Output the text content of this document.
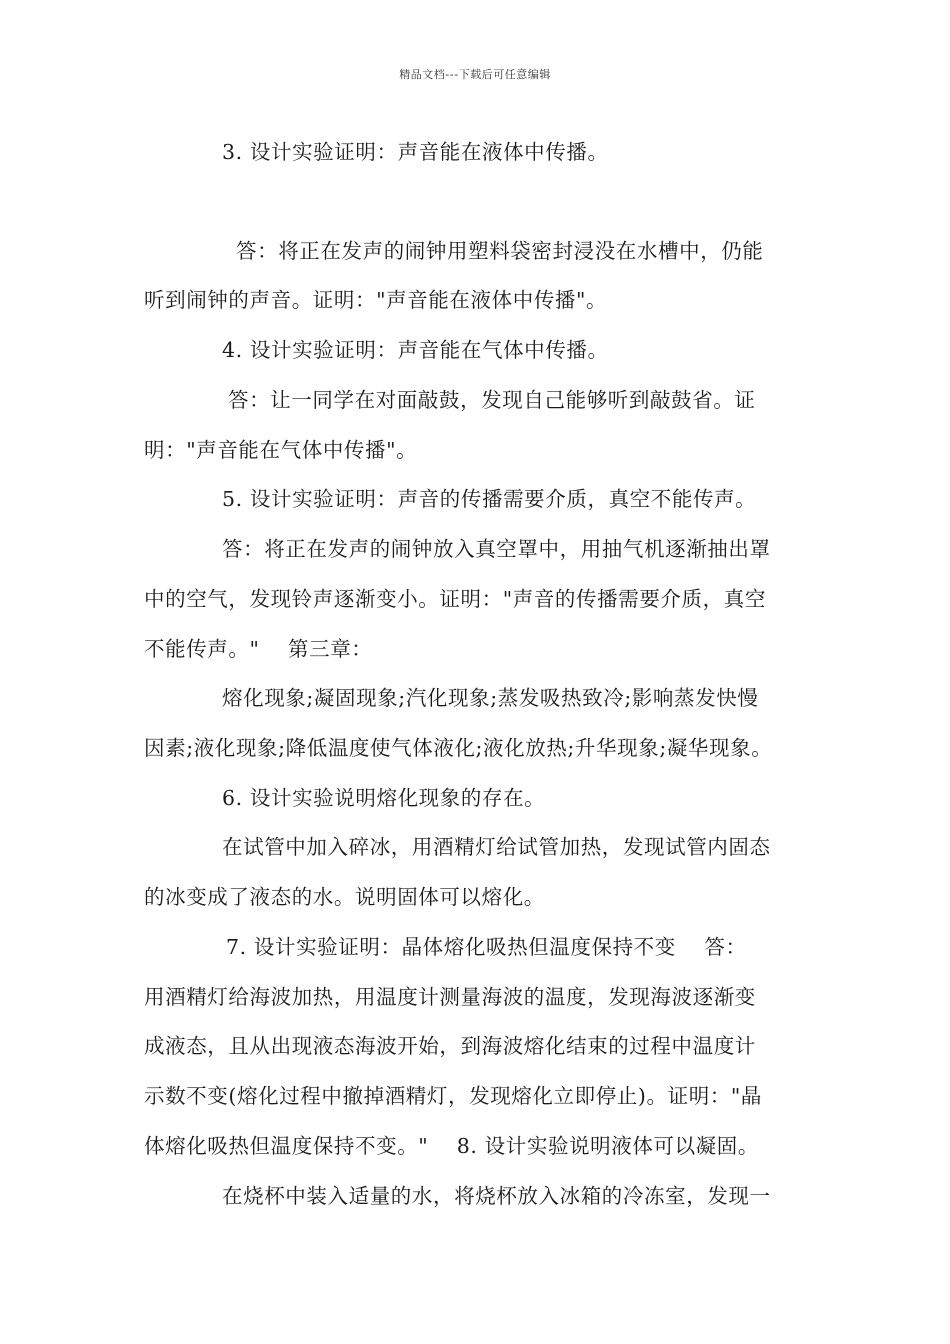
精品文档---下载后可任意编辑
3. 设计实验证明：声音能在液体中传播。
答：将正在发声的闹钟用塑料袋密封浸没在水槽中，仍能
听到闹钟的声音。证明："声音能在液体中传播"。
4. 设计实验证明：声音能在气体中传播。
答：让一同学在对面敲鼓，发现自己能够听到敲鼓省。证
明："声音能在气体中传播"。
5. 设计实验证明：声音的传播需要介质，真空不能传声。
答：将正在发声的闹钟放入真空罩中，用抽气机逐渐抽出罩
中的空气，发现铃声逐渐变小。证明："声音的传播需要介质，真空
不能传声。"    第三章：
熔化现象;凝固现象;汽化现象;蒸发吸热致冷;影响蒸发快慢
因素;液化现象;降低温度使气体液化;液化放热;升华现象;凝华现象。
6. 设计实验说明熔化现象的存在。
在试管中加入碎冰，用酒精灯给试管加热，发现试管内固态
的冰变成了液态的水。说明固体可以熔化。
7. 设计实验证明：晶体熔化吸热但温度保持不变    答：
用酒精灯给海波加热，用温度计测量海波的温度，发现海波逐渐变
成液态，且从出现液态海波开始，到海波熔化结束的过程中温度计
示数不变(熔化过程中撤掉酒精灯，发现熔化立即停止)。证明："晶
体熔化吸热但温度保持不变。"    8. 设计实验说明液体可以凝固。
在烧杯中装入适量的水，将烧杯放入冰箱的冷冻室，发现一
